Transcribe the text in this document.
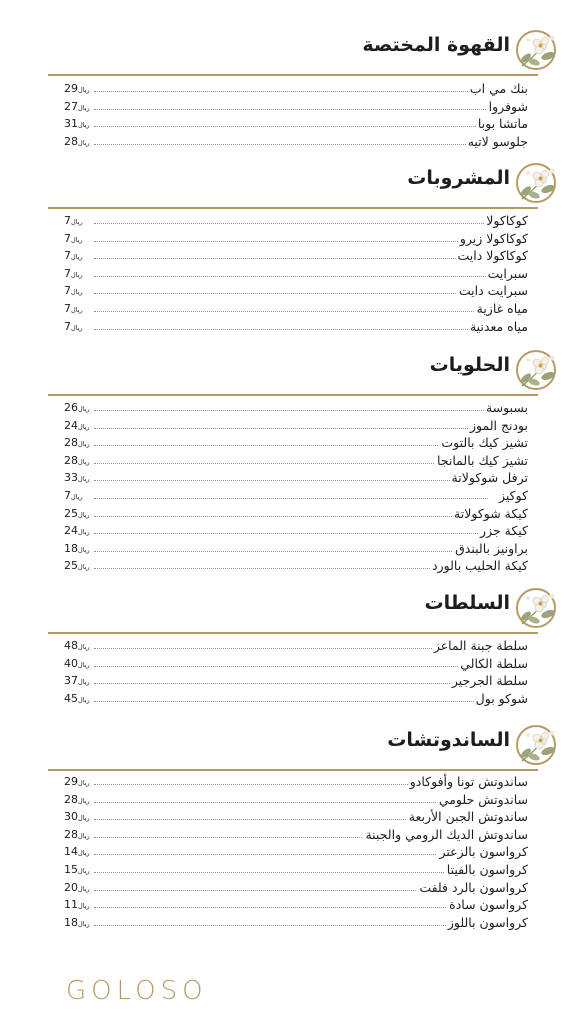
القهوة المختصة
ريال29	بنك مي اب
ريال27	شوفروا
ريال31	ماتشا بوبا
ريال28	جلوسو لاتيه
المشروبات
ريال7	كوكاكولا
ريال7	كوكاكولا زيرو
ريال7	كوكاكولا دايت
ريال7	سبرايت
ريال7	سبرايت دايت
ريال7	مياه غازية
ريال7	مياه معدنية
الحلويات
ريال26	بسبوسة
ريال24	بودنج الموز
ريال28	تشيز كيك بالتوت
ريال28	تشيز كيك بالمانجا
ريال33	ترفل شوكولاتة
ريال7	كوكيز
ريال25	كيكة شوكولاتة
ريال24	كيكة جزر
ريال18	براونيز بالبندق
ريال25	كيكة الحليب بالورد
السلطات
ريال48	سلطة جبنة الماعز
ريال40	سلطة الكالي
ريال37	سلطة الجرجير
ريال45	شوكو بول
الساندوتشات
ريال29	ساندوتش تونا وأفوكادو
ريال28	ساندوتش حلومي
ريال30	ساندوتش الجبن الأربعة
ريال28	ساندوتش الديك الرومي والجبنة
ريال14	كرواسون بالزعتر
ريال15	كرواسون بالفيتا
ريال20	كرواسون بالرد فلفت
ريال11	كرواسون سادة
ريال18	كرواسون باللوز
GOLOSO
